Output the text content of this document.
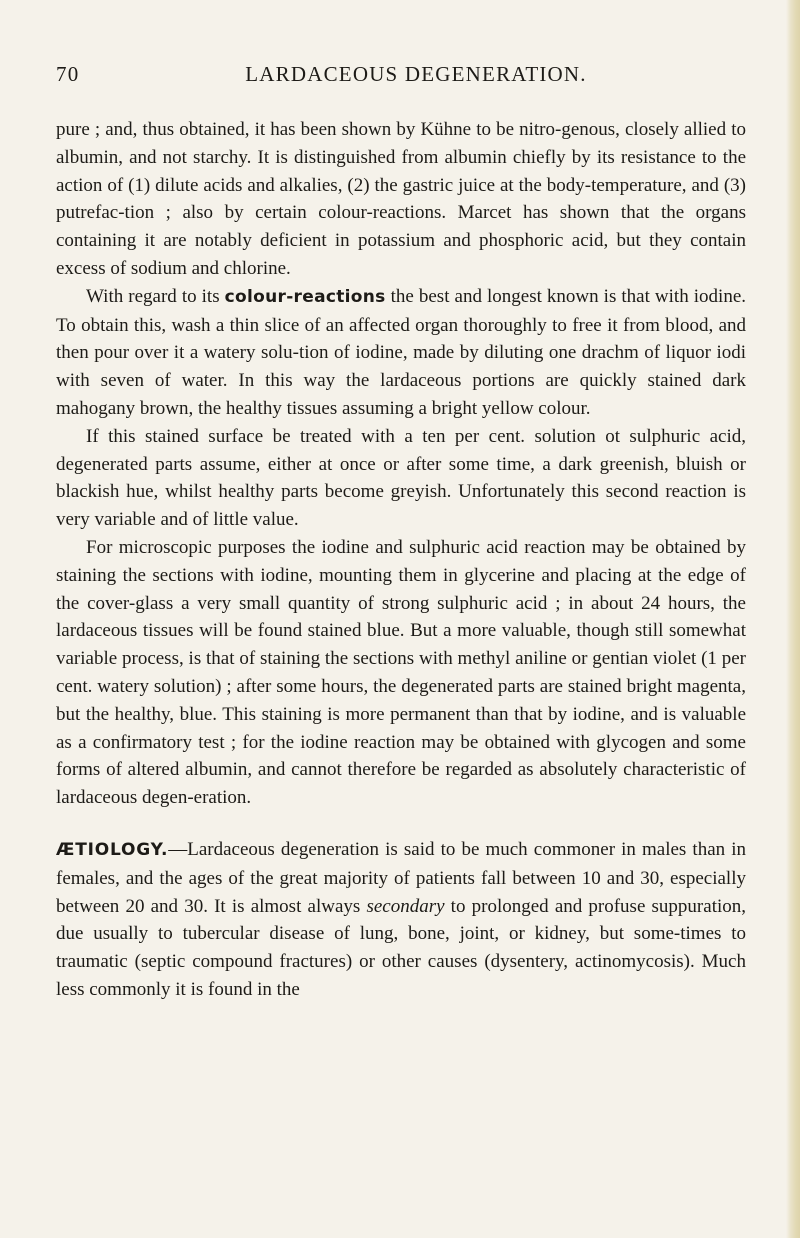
70	LARDACEOUS DEGENERATION.

pure ; and, thus obtained, it has been shown by Kühne to be nitro-genous, closely allied to albumin, and not starchy. It is distinguished from albumin chiefly by its resistance to the action of (1) dilute acids and alkalies, (2) the gastric juice at the body-temperature, and (3) putrefac-tion ; also by certain colour-reactions. Marcet has shown that the organs containing it are notably deficient in potassium and phosphoric acid, but they contain excess of sodium and chlorine.

With regard to its colour-reactions the best and longest known is that with iodine. To obtain this, wash a thin slice of an affected organ thoroughly to free it from blood, and then pour over it a watery solu-tion of iodine, made by diluting one drachm of liquor iodi with seven of water. In this way the lardaceous portions are quickly stained dark mahogany brown, the healthy tissues assuming a bright yellow colour.

If this stained surface be treated with a ten per cent. solution ot sulphuric acid, degenerated parts assume, either at once or after some time, a dark greenish, bluish or blackish hue, whilst healthy parts become greyish. Unfortunately this second reaction is very variable and of little value.

For microscopic purposes the iodine and sulphuric acid reaction may be obtained by staining the sections with iodine, mounting them in glycerine and placing at the edge of the cover-glass a very small quantity of strong sulphuric acid ; in about 24 hours, the lardaceous tissues will be found stained blue. But a more valuable, though still somewhat variable process, is that of staining the sections with methyl aniline or gentian violet (1 per cent. watery solution) ; after some hours, the degenerated parts are stained bright magenta, but the healthy, blue. This staining is more permanent than that by iodine, and is valuable as a confirmatory test ; for the iodine reaction may be obtained with glycogen and some forms of altered albumin, and cannot therefore be regarded as absolutely characteristic of lardaceous degen-eration.

ÆTIOLOGY.—Lardaceous degeneration is said to be much commoner in males than in females, and the ages of the great majority of patients fall between 10 and 30, especially between 20 and 30. It is almost always secondary to prolonged and profuse suppuration, due usually to tubercular disease of lung, bone, joint, or kidney, but some-times to traumatic (septic compound fractures) or other causes (dysentery, actinomycosis). Much less commonly it is found in the
